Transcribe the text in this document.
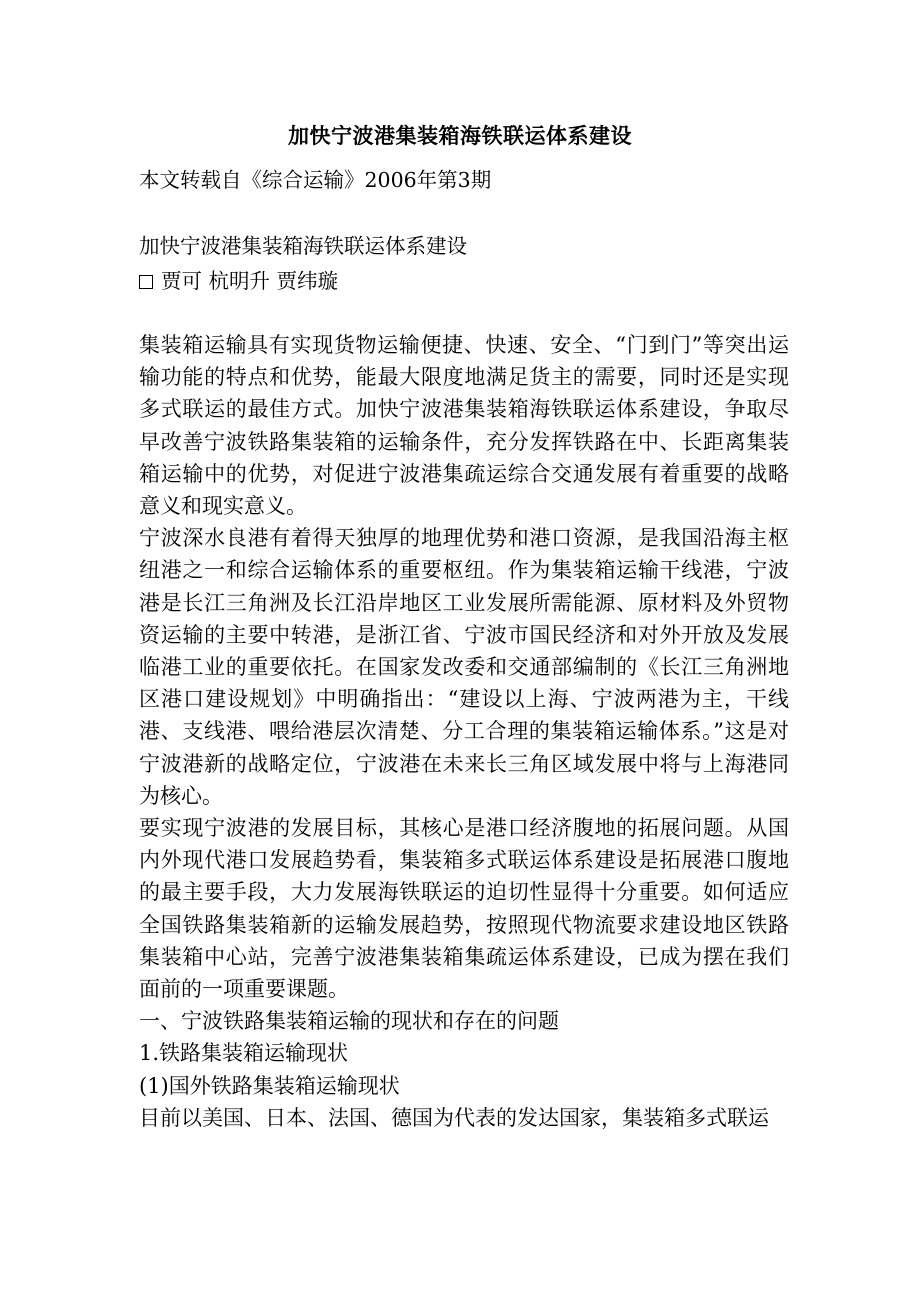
加快宁波港集装箱海铁联运体系建设
本文转载自《综合运输》2006年第3期
加快宁波港集装箱海铁联运体系建设
贾可 杭明升 贾纬璇

集装箱运输具有实现货物运输便捷、快速、安全、“门到门”等突出运输功能的特点和优势，能最大限度地满足货主的需要，同时还是实现多式联运的最佳方式。加快宁波港集装箱海铁联运体系建设，争取尽早改善宁波铁路集装箱的运输条件，充分发挥铁路在中、长距离集装箱运输中的优势，对促进宁波港集疏运综合交通发展有着重要的战略意义和现实意义。

宁波深水良港有着得天独厚的地理优势和港口资源，是我国沿海主枢纽港之一和综合运输体系的重要枢纽。作为集装箱运输干线港，宁波港是长江三角洲及长江沿岸地区工业发展所需能源、原材料及外贸物资运输的主要中转港，是浙江省、宁波市国民经济和对外开放及发展临港工业的重要依托。在国家发改委和交通部编制的《长江三角洲地区港口建设规划》中明确指出：“建设以上海、宁波两港为主，干线港、支线港、喂给港层次清楚、分工合理的集装箱运输体系。”这是对宁波港新的战略定位，宁波港在未来长三角区域发展中将与上海港同为核心。

要实现宁波港的发展目标，其核心是港口经济腹地的拓展问题。从国内外现代港口发展趋势看，集装箱多式联运体系建设是拓展港口腹地的最主要手段，大力发展海铁联运的迫切性显得十分重要。如何适应全国铁路集装箱新的运输发展趋势，按照现代物流要求建设地区铁路集装箱中心站，完善宁波港集装箱集疏运体系建设，已成为摆在我们面前的一项重要课题。

一、宁波铁路集装箱运输的现状和存在的问题

1.铁路集装箱运输现状

(1)国外铁路集装箱运输现状

目前以美国、日本、法国、德国为代表的发达国家，集装箱多式联运
